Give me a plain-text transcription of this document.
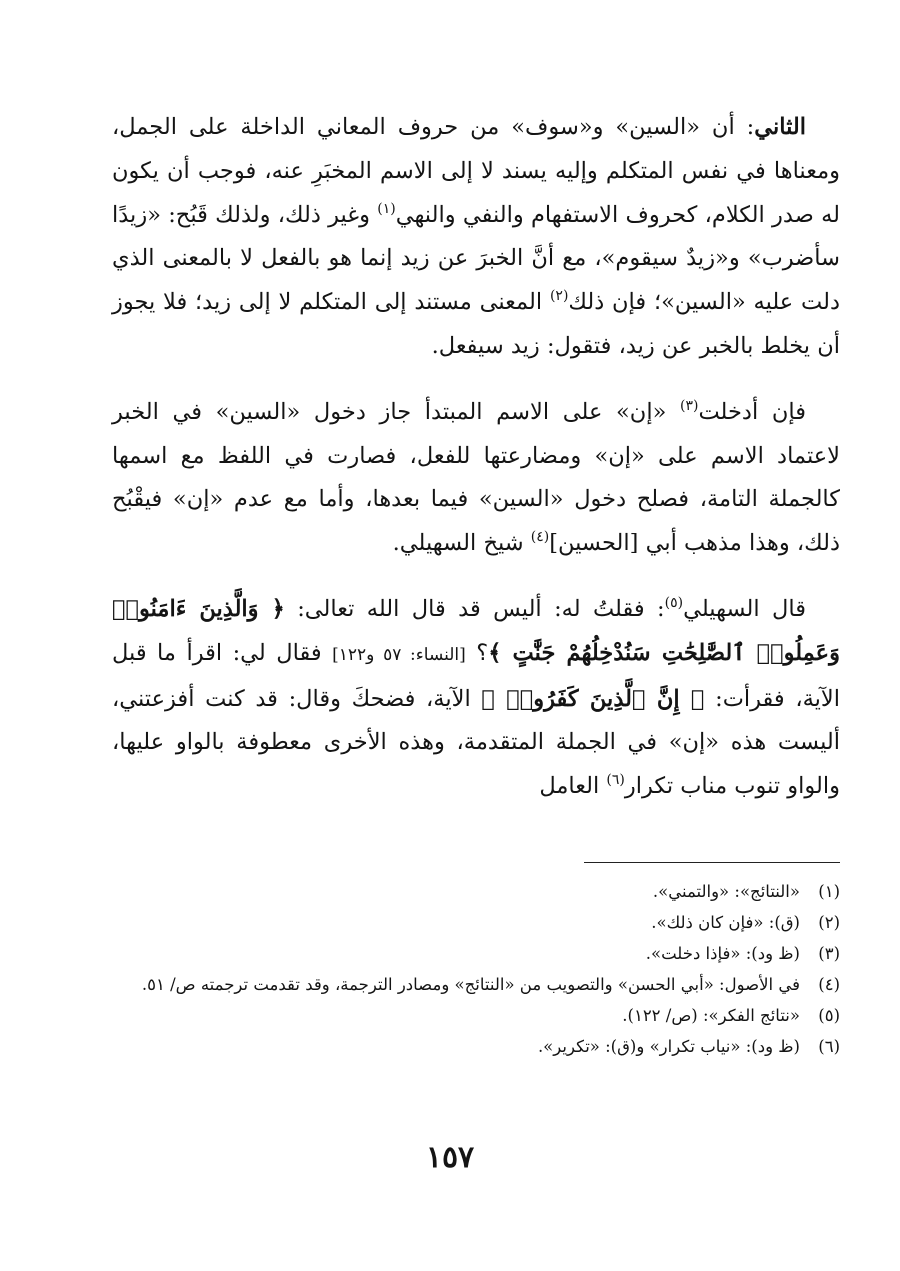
الثاني: أن «السين» و«سوف» من حروف المعاني الداخلة على الجمل، ومعناها في نفس المتكلم وإليه يسند لا إلى الاسم المخبَرِ عنه، فوجب أن يكون له صدر الكلام، كحروف الاستفهام والنفي والنهي$^{(١)}$ وغير ذلك، ولذلك قَبُح: «زيدًا سأضرب» و«زيدٌ سيقوم»، مع أنَّ الخبرَ عن زيد إنما هو بالفعل لا بالمعنى الذي دلت عليه «السين»؛ فإن ذلك$^{(٢)}$ المعنى مستند إلى المتكلم لا إلى زيد؛ فلا يجوز أن يخلط بالخبر عن زيد، فتقول: زيد سيفعل.

فإن أدخلت$^{(٣)}$ «إن» على الاسم المبتدأ جاز دخول «السين» في الخبر لاعتماد الاسم على «إن» ومضارعتها للفعل، فصارت في اللفظ مع اسمها كالجملة التامة، فصلح دخول «السين» فيما بعدها، وأما مع عدم «إن» فيقْبُح ذلك، وهذا مذهب أبي [الحسين]$^{(٤)}$ شيخ السهيلي.

قال السهيلي$^{(٥)}$: فقلتُ له: أليس قد قال الله تعالى: ﴿ وَالَّذِينَ ءَامَنُوا۟ وَعَمِلُوا۟ ٱلصَّٰلِحَٰتِ سَنُدْخِلُهُمْ جَنَّٰتٍ ﴾؟ [النساء: ٥٧ و١٢٢] فقال لي: اقرأ ما قبل الآية، فقرأت: ﴿ إِنَّ ٱلَّذِينَ كَفَرُوا۟ ﴾ الآية، فضحكَ وقال: قد كنت أفزعتني، أليست هذه «إن» في الجملة المتقدمة، وهذه الأخرى معطوفة بالواو عليها، والواو تنوب مناب تكرار$^{(٦)}$ العامل

(١)
«النتائج»: «والتمني».
(٢)
(ق): «فإن كان ذلك».
(٣)
(ظ ود): «فإذا دخلت».
(٤)
في الأصول: «أبي الحسن» والتصويب من «النتائج» ومصادر الترجمة، وقد تقدمت ترجمته ص/ ٥١.
(٥)
«نتائج الفكر»: (ص/ ١٢٢).
(٦)
(ظ ود): «نياب تكرار» و(ق): «تكرير».
١٥٧
